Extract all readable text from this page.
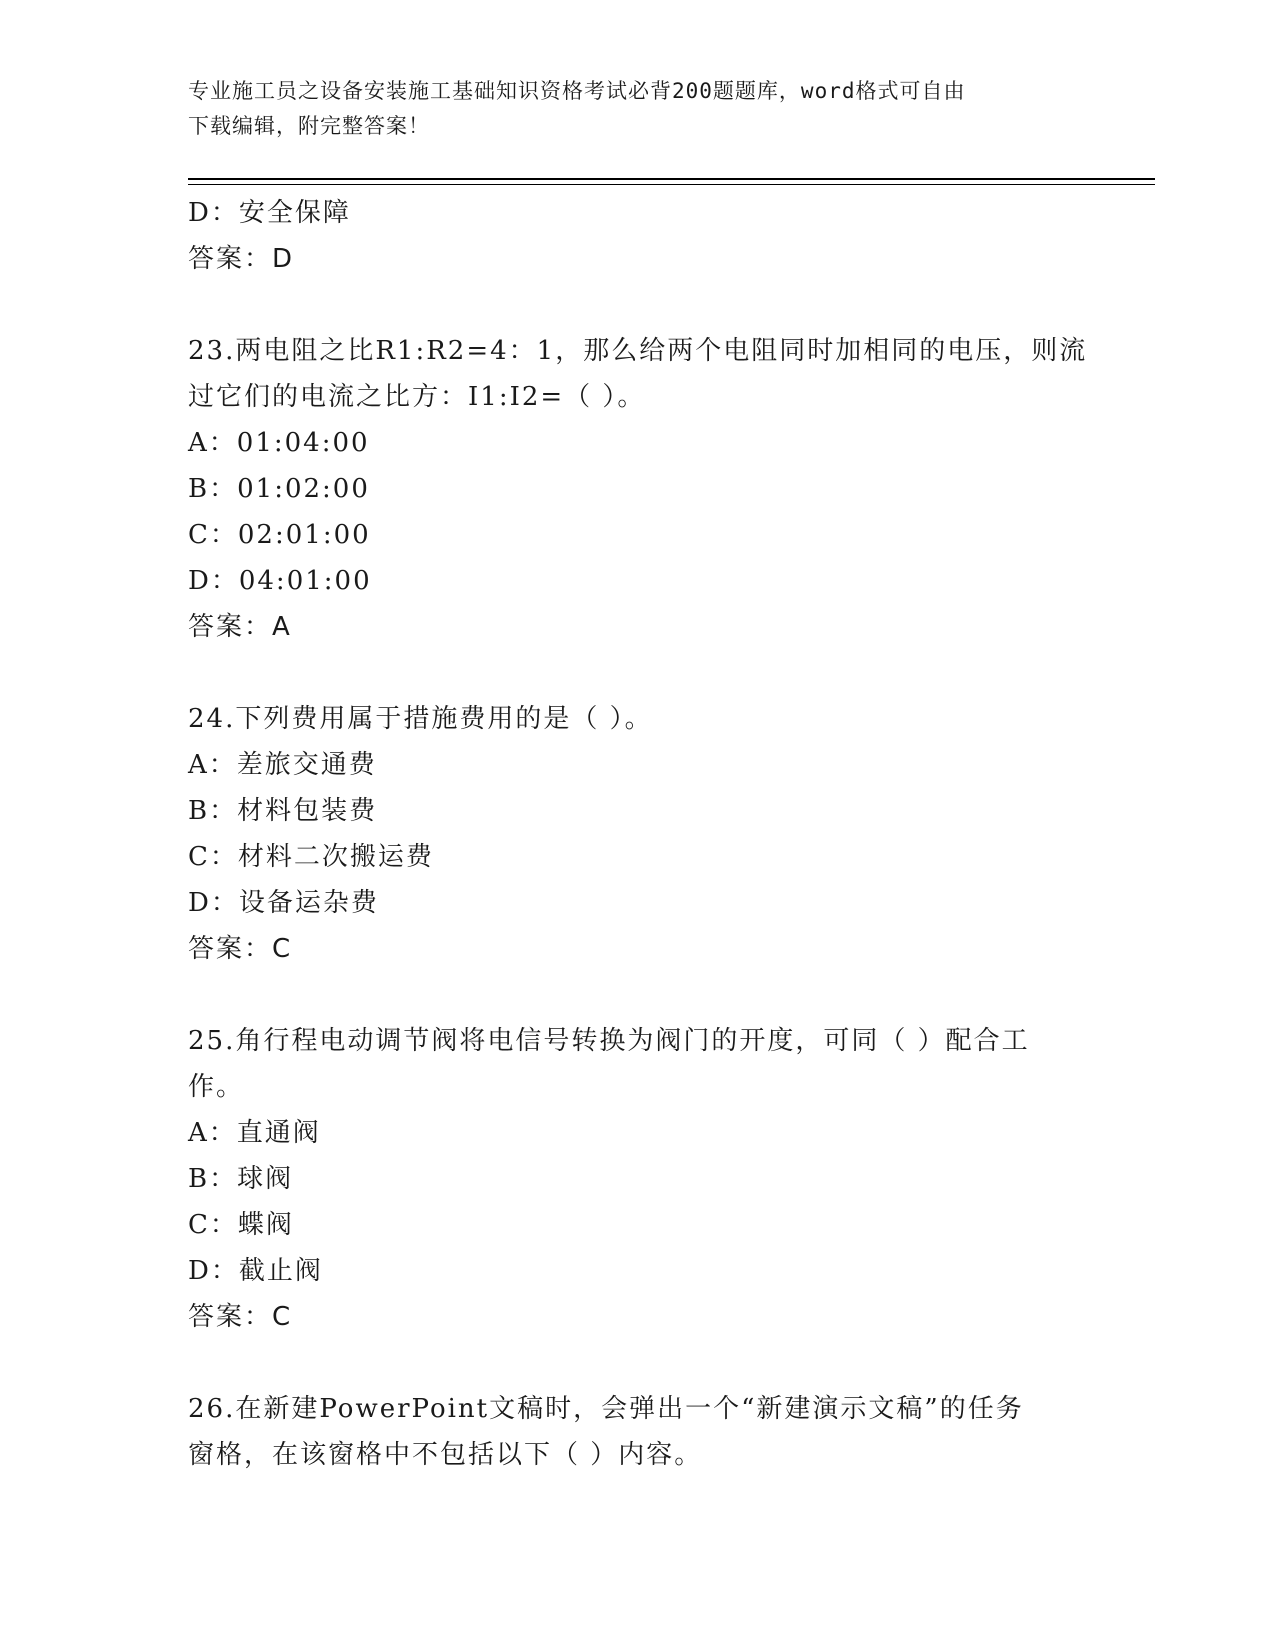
专业施工员之设备安装施工基础知识资格考试必背200题题库，word格式可自由
下载编辑，附完整答案！
D：安全保障
答案：D
23.两电阻之比R1:R2=4：1，那么给两个电阻同时加相同的电压，则流
过它们的电流之比方：I1:I2=（ ）。
A：01:04:00
B：01:02:00
C：02:01:00
D：04:01:00
答案：A
24.下列费用属于措施费用的是（ ）。
A：差旅交通费
B：材料包装费
C：材料二次搬运费
D：设备运杂费
答案：C
25.角行程电动调节阀将电信号转换为阀门的开度，可同（ ）配合工
作。
A：直通阀
B：球阀
C：蝶阀
D：截止阀
答案：C
26.在新建PowerPoint文稿时，会弹出一个“新建演示文稿”的任务
窗格，在该窗格中不包括以下（ ）内容。
